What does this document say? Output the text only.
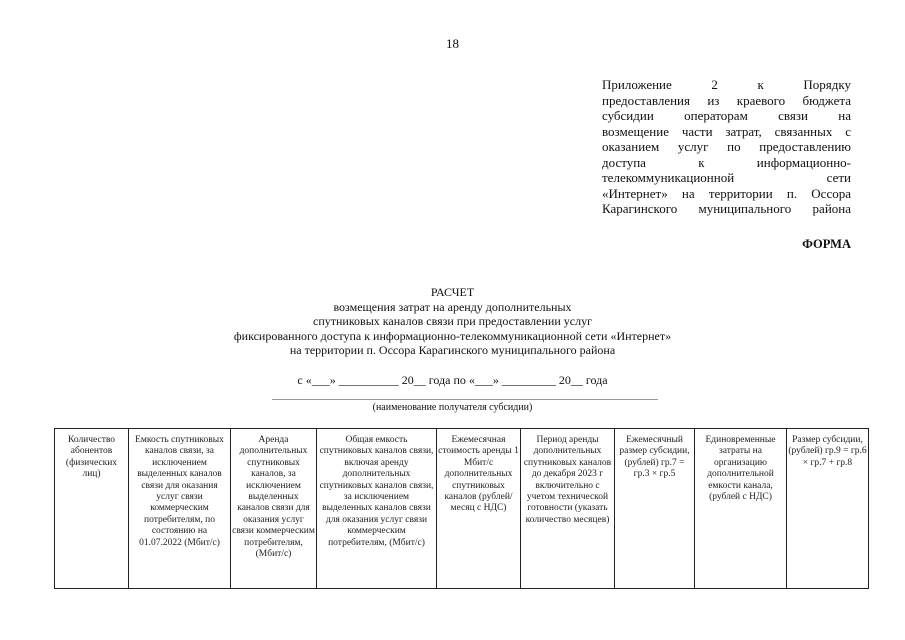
18
Приложение 2 к Порядку
предоставления из краевого бюджета
субсидии операторам связи на
возмещение части затрат, связанных с
оказанием услуг по предоставлению
доступа к информационно-
телекоммуникационной сети
«Интернет» на территории п. Оссора
Карагинского муниципального района
ФОРМА
РАСЧЕТ
возмещения затрат на аренду дополнительных
спутниковых каналов связи при предоставлении услуг
фиксированного доступа к информационно-телекоммуникационной сети «Интернет»
на территории п. Оссора Карагинского муниципального района
с «___» __________ 20__ года по «___» _________ 20__ года
(наименование получателя субсидии)
Количество абонентов (физических лиц)	Емкость спутниковых каналов связи, за исключением выделенных каналов связи для оказания услуг связи коммерческим потребителям, по состоянию на 01.07.2022 (Мбит/с)	Аренда дополнительных спутниковых каналов, за исключением выделенных каналов связи для оказания услуг связи коммерческим потребителям, (Мбит/с)	Общая емкость спутниковых каналов связи, включая аренду дополнительных спутниковых каналов связи, за исключением выделенных каналов связи для оказания услуг связи коммерческим потребителям, (Мбит/с)	Ежемесячная стоимость аренды 1 Мбит/с дополнительных спутниковых каналов (рублей/месяц с НДС)	Период аренды дополнительных спутниковых каналов до декабря 2023 г включительно с учетом технической готовности (указать количество месяцев)	Ежемесячный размер субсидии, (рублей) гр.7 = гр.3 × гр.5	Единовременные затраты на организацию дополнительной емкости канала, (рублей с НДС)	Размер субсидии, (рублей) гр.9 = гр.6 × гр.7 + гр.8
